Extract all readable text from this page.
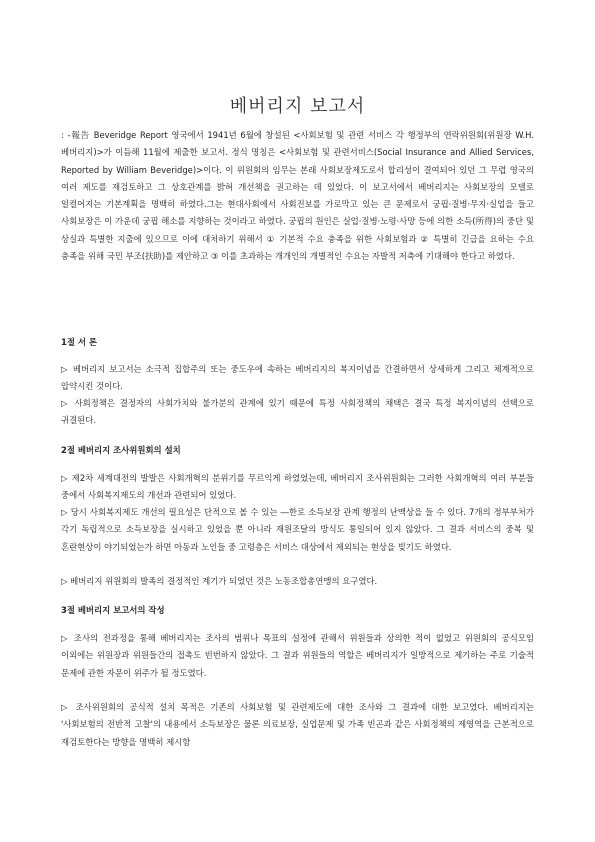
베버리지 보고서

: -報告 Beveridge Report 영국에서 1941년 6월에 창설된 <사회보험 및 관련 서비스 각 행정부의 연락위원회(위원장 W.H. 베버리지)>가 이듬해 11월에 제출한 보고서. 정식 명칭은 <사회보험 및 관련서비스(Social Insurance and Allied Services, Reported by William Beveridge)>이다. 이 위원회의 임무는 본래 사회보장제도로서 합리성이 결여되어 있던 그 무렵 영국의 여러 제도를 재검토하고 그 상호관계를 밝혀 개선책을 권고하는 데 있었다. 이 보고서에서 베버리지는 사회보장의 모델로 일컬어지는 기본계획을 명백히 하였다.그는 현대사회에서 사회진보를 가로막고 있는 큰 문제로서 궁핍·질병·무지·실업을 들고 사회보장은 이 가운데 궁핍 해소를 지향하는 것이라고 하였다. 궁핍의 원인은 실업·질병·노령·사망 등에 의한 소득(所得)의 중단 및 상실과 특별한 지출에 있으므로 이에 대처하기 위해서 ① 기본적 수요 충족을 위한 사회보험과 ② 특별히 긴급을 요하는 수요 충족을 위해 국민 부조(扶助)를 제안하고 ③ 이를 초과하는 개개인의 개별적인 수요는 자발적 저축에 기대해야 한다고 하였다.

1절 서 론

▷ 베버리지 보고서는 소극적 집합주의 또는 중도우에 속하는 베버리지의 복지이념을 간결하면서 상세하게 그리고 체계적으로 압약시킨 것이다.

▷ 사회정책은 결정자의 사회가치와 불가분의 관계에 있기 때문에 특정 사회정책의 채택은 결국 특정 복지이념의 선택으로 귀결된다.

2절 베버리지 조사위원회의 설치

▷ 제2차 세계대전의 발발은 사회개혁의 분위기를 무르익게 하였었는데, 베버리지 조사위원회는 그러한 사회개혁의 여러 부분들 중에서 사회복지제도의 개선과 관련되어 있었다.

▷ 당시 사회복지제도 개선의 필요성은 단적으로 볼 수 있는 ―한로 소득보장 관계 행정의 난맥상을 들 수 있다. 7개의 정부부처가 각기 독립적으로 소득보장을 실시하고 있었을 뿐 아니라 재원조달의 방식도 통일되어 있지 않았다. 그 결과 서비스의 중복 및 혼란현상이 야기되었는가 하면 아동과 노인들 중 고령층은 서비스 대상에서 제외되는 현상을 빚기도 하였다.

▷ 베버리지 위원회의 발족의 결정적인 계기가 되었던 것은 노동조합총연맹의 요구였다.

3절 베버리지 보고서의 작성

▷ 조사의 전과정을 통해 베버리지는 조사의 범위나 목표의 설정에 관해서 위원들과 상의한 적이 없었고 위원회의 공식모임 이외에는 위원장과 위원들간의 접촉도 빈번하지 않았다. 그 결과 위원들의 역할은 베버리지가 일방적으로 제기하는 주로 기술적 문제에 관한 자문이 위주가 될 정도였다.

▷ 조사위원회의 공식적 설치 목적은 기존의 사회보험 및 관련제도에 대한 조사와 그 결과에 대한 보고였다. 베버리지는 '사회보험의 전반적 고찰'의 내용에서 소득보장은 물론 의료보장, 실업문제 및 가족 빈곤과 같은 사회정책의 제영역을 근본적으로 재검토한다는 방향을 명백히 제시함
